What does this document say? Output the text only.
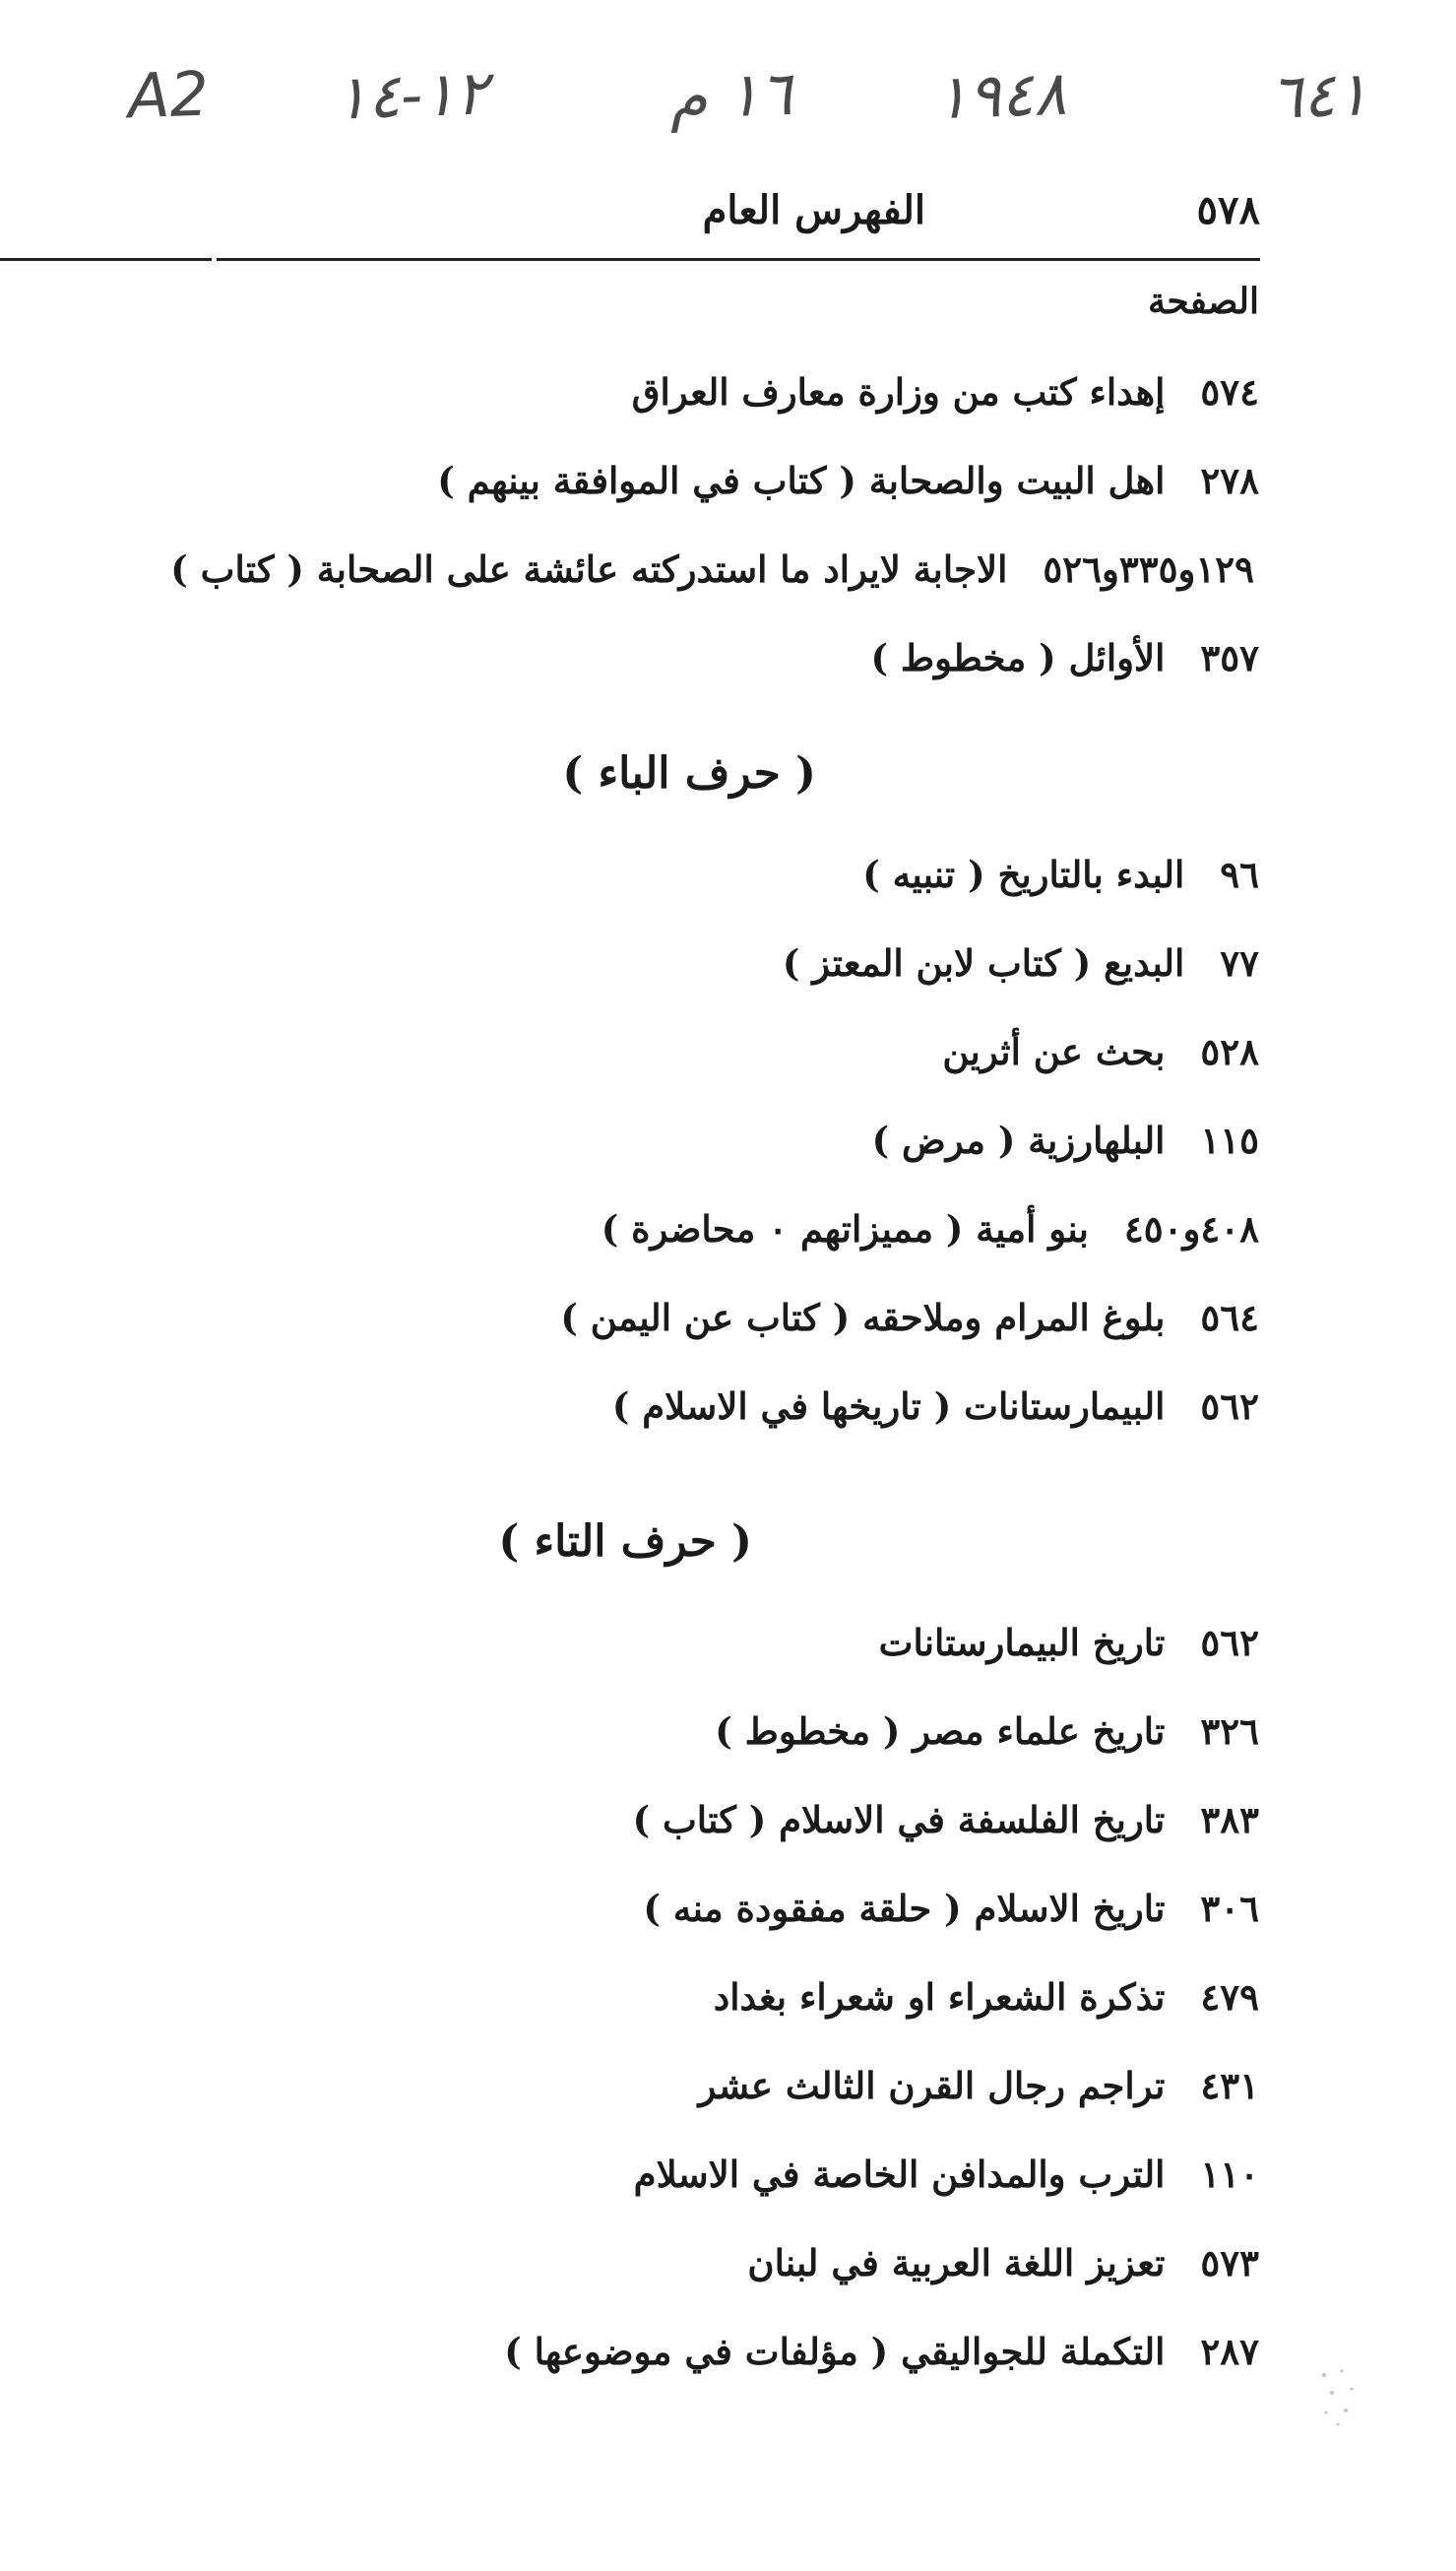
A2 ١٢-١٤	١٦ م ١٩٤٨	٦٤١
٥٧٨
الفهرس العام
الصفحة
٥٧٤إهداء كتب من وزارة معارف العراق
٢٧٨اهل البيت والصحابة ( كتاب في الموافقة بينهم )
١٢٩و٣٣٥و٥٢٦الاجابة لايراد ما استدركته عائشة على الصحابة ( كتاب )
٣٥٧الأوائل ( مخطوط )
( حرف الباء )
٩٦البدء بالتاريخ ( تنبيه )
٧٧البديع ( كتاب لابن المعتز )
٥٢٨بحث عن أثرين
١١٥البلهارزية ( مرض )
٤٠٨و٤٥٠بنو أمية ( مميزاتهم ٠ محاضرة )
٥٦٤بلوغ المرام وملاحقه ( كتاب عن اليمن )
٥٦٢البيمارستانات ( تاريخها في الاسلام )
( حرف التاء )
٥٦٢تاريخ البيمارستانات
٣٢٦تاريخ علماء مصر ( مخطوط )
٣٨٣تاريخ الفلسفة في الاسلام ( كتاب )
٣٠٦تاريخ الاسلام ( حلقة مفقودة منه )
٤٧٩تذكرة الشعراء او شعراء بغداد
٤٣١تراجم رجال القرن الثالث عشر
١١٠الترب والمدافن الخاصة في الاسلام
٥٧٣تعزيز اللغة العربية في لبنان
٢٨٧التكملة للجواليقي ( مؤلفات في موضوعها )
